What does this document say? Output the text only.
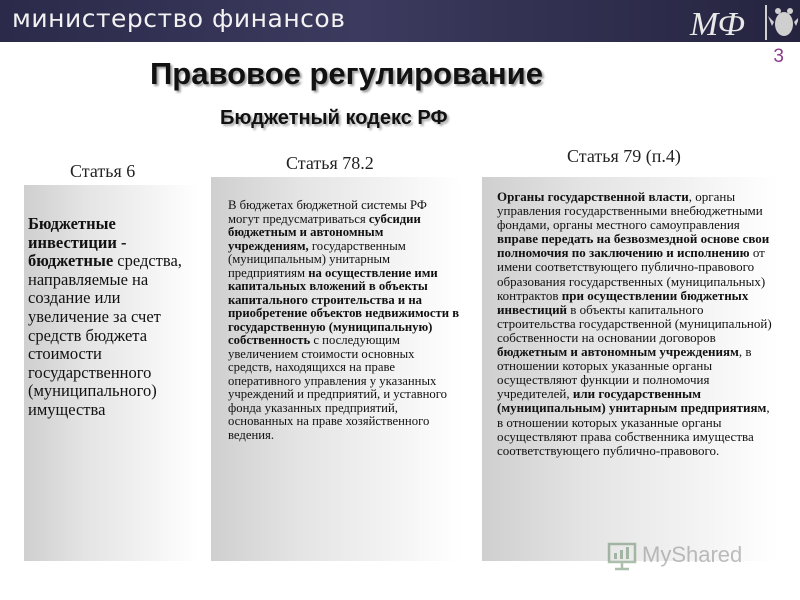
министерство финансов	МФ
3
Правовое регулирование
Бюджетный кодекс РФ
Статья 6	Статья 78.2	Статья 79 (п.4)
Бюджетные инвестиции - бюджетные средства, направляемые на создание или увеличение за счет средств бюджета стоимости государственного (муниципального) имущества
В бюджетах бюджетной системы РФ могут предусматриваться субсидии бюджетным и автономным учреждениям, государственным (муниципальным) унитарным предприятиям на осуществление ими капитальных вложений в объекты капитального строительства и на приобретение объектов недвижимости в государственную (муниципальную) собственность с последующим увеличением стоимости основных средств, находящихся на праве оперативного управления у указанных учреждений и предприятий, и уставного фонда указанных предприятий, основанных на праве хозяйственного ведения.
Органы государственной власти, органы управления государственными внебюджетными фондами, органы местного самоуправления вправе передать на безвозмездной основе свои полномочия по заключению и исполнению от имени соответствующего публично-правового образования государственных (муниципальных) контрактов при осуществлении бюджетных инвестиций в объекты капитального строительства государственной (муниципальной) собственности на основании договоров бюджетным и автономным учреждениям, в отношении которых указанные органы осуществляют функции и полномочия учредителей, или государственным (муниципальным) унитарным предприятиям, в отношении которых указанные органы осуществляют права собственника имущества соответствующего публично-правового.
MyShared
